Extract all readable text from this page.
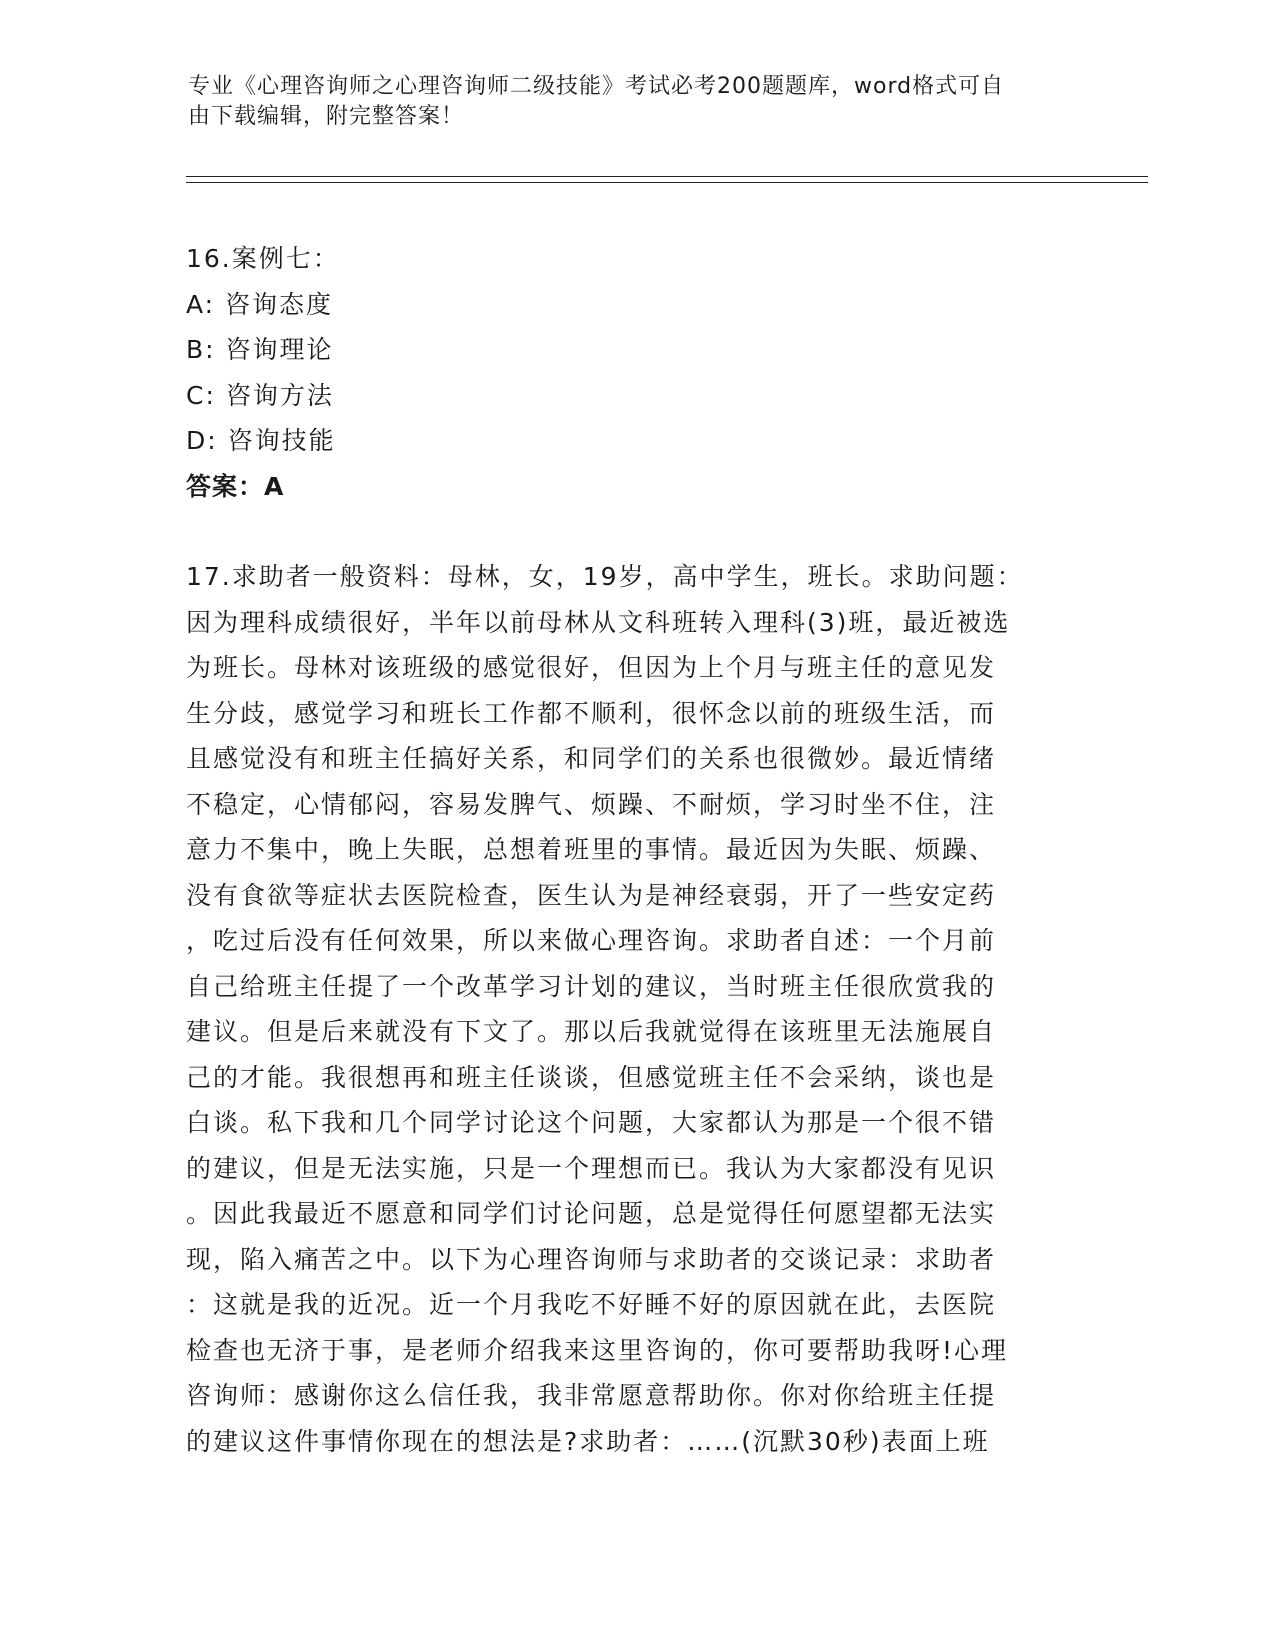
专业《心理咨询师之心理咨询师二级技能》考试必考200题题库，word格式可自
由下载编辑，附完整答案！
16.案例七：
A: 咨询态度
B: 咨询理论
C: 咨询方法
D: 咨询技能
答案：A
17.求助者一般资料：母林，女，19岁，高中学生，班长。求助问题：
因为理科成绩很好，半年以前母林从文科班转入理科(3)班，最近被选
为班长。母林对该班级的感觉很好，但因为上个月与班主任的意见发
生分歧，感觉学习和班长工作都不顺利，很怀念以前的班级生活，而
且感觉没有和班主任搞好关系，和同学们的关系也很微妙。最近情绪
不稳定，心情郁闷，容易发脾气、烦躁、不耐烦，学习时坐不住，注
意力不集中，晚上失眠，总想着班里的事情。最近因为失眠、烦躁、
没有食欲等症状去医院检查，医生认为是神经衰弱，开了一些安定药
，吃过后没有任何效果，所以来做心理咨询。求助者自述：一个月前
自己给班主任提了一个改革学习计划的建议，当时班主任很欣赏我的
建议。但是后来就没有下文了。那以后我就觉得在该班里无法施展自
己的才能。我很想再和班主任谈谈，但感觉班主任不会采纳，谈也是
白谈。私下我和几个同学讨论这个问题，大家都认为那是一个很不错
的建议，但是无法实施，只是一个理想而已。我认为大家都没有见识
。因此我最近不愿意和同学们讨论问题，总是觉得任何愿望都无法实
现，陷入痛苦之中。以下为心理咨询师与求助者的交谈记录：求助者
：这就是我的近况。近一个月我吃不好睡不好的原因就在此，去医院
检查也无济于事，是老师介绍我来这里咨询的，你可要帮助我呀!心理
咨询师：感谢你这么信任我，我非常愿意帮助你。你对你给班主任提
的建议这件事情你现在的想法是?求助者：……(沉默30秒)表面上班
